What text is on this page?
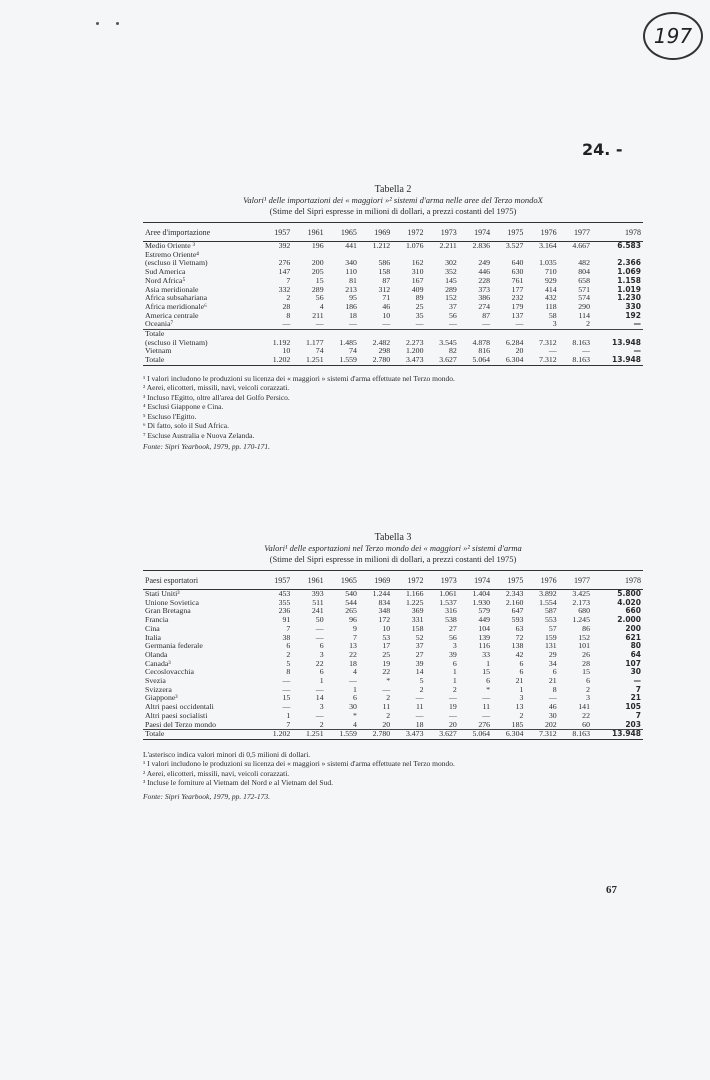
197
24. -
Tabella 2
Valori¹ delle importazioni dei « maggiori »² sistemi d'arma nelle aree del Terzo mondoX
(Stime del Sipri espresse in milioni di dollari, a prezzi costanti del 1975)
Aree d'importazione	1957	1961	1965	1969	1972	1973	1974	1975	1976	1977	1978
Medio Oriente ³	392	196	441	1.212	1.076	2.211	2.836	3.527	3.164	4.667	6.583
Estremo Oriente⁴											
(escluso il Vietnam)	276	200	340	586	162	302	249	640	1.035	482	2.366
Sud America	147	205	110	158	310	352	446	630	710	804	1.069
Nord Africa⁵	7	15	81	87	167	145	228	761	929	658	1.158
Asia meridionale	332	289	213	312	409	289	373	177	414	571	1.019
Africa subsahariana	2	56	95	71	89	152	386	232	432	574	1.230
Africa meridionale⁶	28	4	186	46	25	37	274	179	118	290	330
America centrale	8	211	18	10	35	56	87	137	58	114	192
Oceania⁷	—	—	—	—	—	—	—	—	3	2	—
Totale											
(escluso il Vietnam)	1.192	1.177	1.485	2.482	2.273	3.545	4.878	6.284	7.312	8.163	13.948
Vietnam	10	74	74	298	1.200	82	816	20	—	—	—
Totale	1.202	1.251	1.559	2.780	3.473	3.627	5.064	6.304	7.312	8.163	13.948
¹ I valori includono le produzioni su licenza dei « maggiori » sistemi d'arma effettuate nel Terzo mondo.
² Aerei, elicotteri, missili, navi, veicoli corazzati.
³ Incluso l'Egitto, oltre all'area del Golfo Persico.
⁴ Esclusi Giappone e Cina.
⁵ Escluso l'Egitto.
⁶ Di fatto, solo il Sud Africa.
⁷ Escluse Australia e Nuova Zelanda.
Fonte: Sipri Yearbook, 1979, pp. 170-171.
Tabella 3
Valori¹ delle esportazioni nel Terzo mondo dei « maggiori »² sistemi d'arma
(Stime del Sipri espresse in milioni di dollari, a prezzi costanti del 1975)
Paesi esportatori	1957	1961	1965	1969	1972	1973	1974	1975	1976	1977	1978
Stati Uniti³	453	393	540	1.244	1.166	1.061	1.404	2.343	3.892	3.425	5.800
Unione Sovietica	355	511	544	834	1.225	1.537	1.930	2.160	1.554	2.173	4.020
Gran Bretagna	236	241	265	348	369	316	579	647	587	680	660
Francia	91	50	96	172	331	538	449	593	553	1.245	2.000
Cina	7	—	9	10	158	27	104	63	57	86	200
Italia	38	—	7	53	52	56	139	72	159	152	621
Germania federale	6	6	13	17	37	3	116	138	131	101	80
Olanda	2	3	22	25	27	39	33	42	29	26	64
Canada³	5	22	18	19	39	6	1	6	34	28	107
Cecoslovacchia	8	6	4	22	14	1	15	6	6	15	30
Svezia	—	1	—	*	5	1	6	21	21	6	—
Svizzera	—	—	1	—	2	2	*	1	8	2	7
Giappone³	15	14	6	2	—	—	—	3	—	3	21
Altri paesi occidentali	—	3	30	11	11	19	11	13	46	141	105
Altri paesi socialisti	1	—	*	2	—	—	—	2	30	22	7
Paesi del Terzo mondo	7	2	4	20	18	20	276	185	202	60	203
Totale	1.202	1.251	1.559	2.780	3.473	3.627	5.064	6.304	7.312	8.163	13.948
L'asterisco indica valori minori di 0,5 milioni di dollari.
¹ I valori includono le produzioni su licenza dei « maggiori » sistemi d'arma effettuate nel Terzo mondo.
² Aerei, elicotteri, missili, navi, veicoli corazzati.
³ Incluse le forniture al Vietnam del Nord e al Vietnam del Sud.
Fonte: Sipri Yearbook, 1979, pp. 172-173.
67
